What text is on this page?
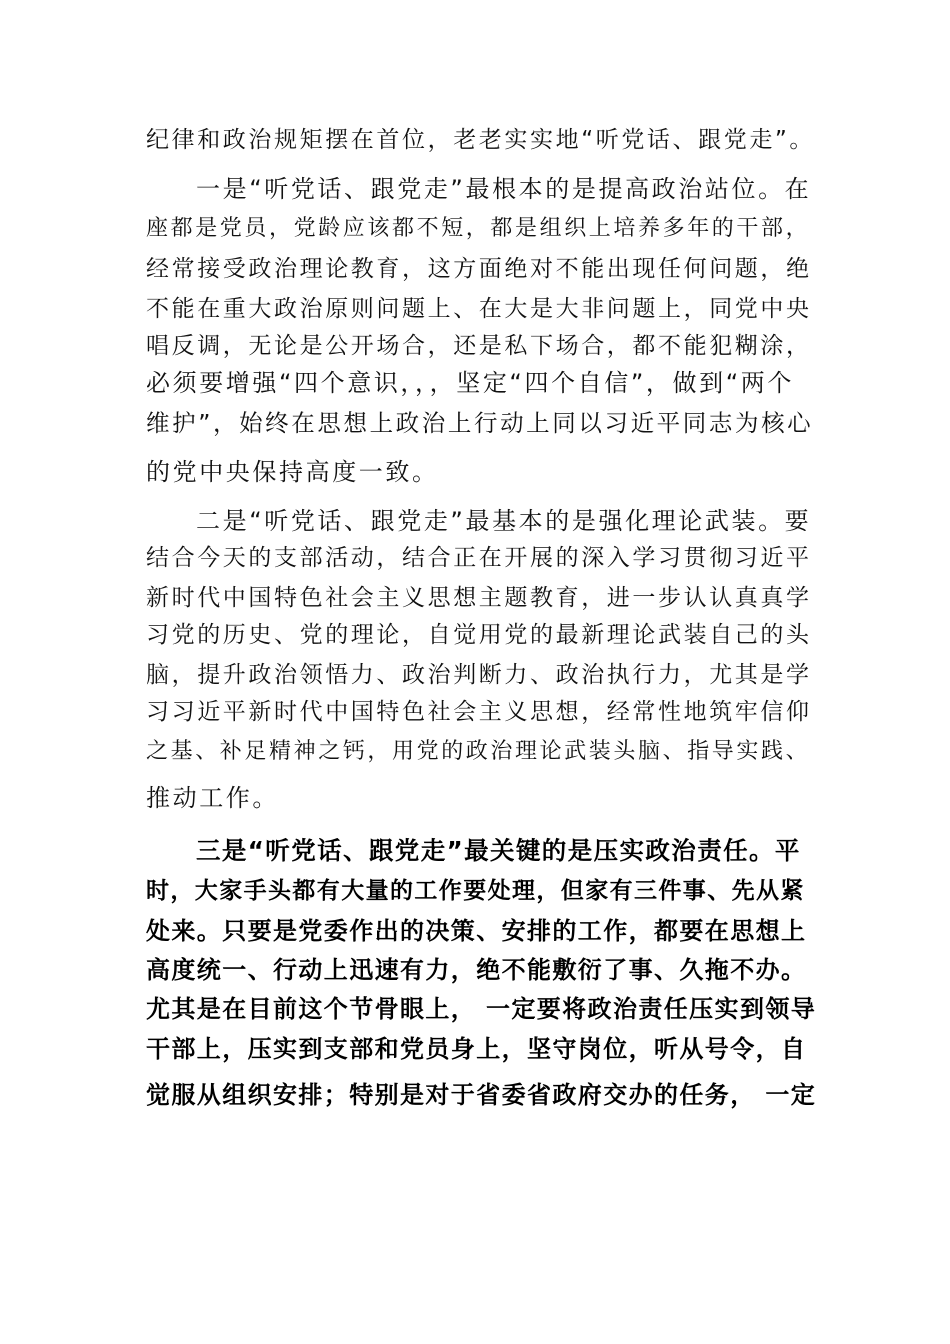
纪律和政治规矩摆在首位，老老实实地“听党话、跟党走”。
一是“听党话、跟党走”最根本的是提高政治站位。在
座都是党员，党龄应该都不短，都是组织上培养多年的干部，
经常接受政治理论教育，这方面绝对不能出现任何问题，绝
不能在重大政治原则问题上、在大是大非问题上，同党中央
唱反调，无论是公开场合，还是私下场合，都不能犯糊涂，
必须要增强“四个意识，，，坚定“四个自信”，做到“两个
维护”，始终在思想上政治上行动上同以习近平同志为核心
的党中央保持高度一致。
二是“听党话、跟党走”最基本的是强化理论武装。要
结合今天的支部活动，结合正在开展的深入学习贯彻习近平
新时代中国特色社会主义思想主题教育，进一步认认真真学
习党的历史、党的理论，自觉用党的最新理论武装自己的头
脑，提升政治领悟力、政治判断力、政治执行力，尤其是学
习习近平新时代中国特色社会主义思想，经常性地筑牢信仰
之基、补足精神之钙，用党的政治理论武装头脑、指导实践、
推动工作。
三是“听党话、跟党走”最关键的是压实政治责任。平
时，大家手头都有大量的工作要处理，但家有三件事、先从紧
处来。只要是党委作出的决策、安排的工作，都要在思想上
高度统一、行动上迅速有力，绝不能敷衍了事、久拖不办。
尤其是在目前这个节骨眼上， 一定要将政治责任压实到领导
干部上，压实到支部和党员身上，坚守岗位，听从号令，自
觉服从组织安排；特别是对于省委省政府交办的任务， 一定
